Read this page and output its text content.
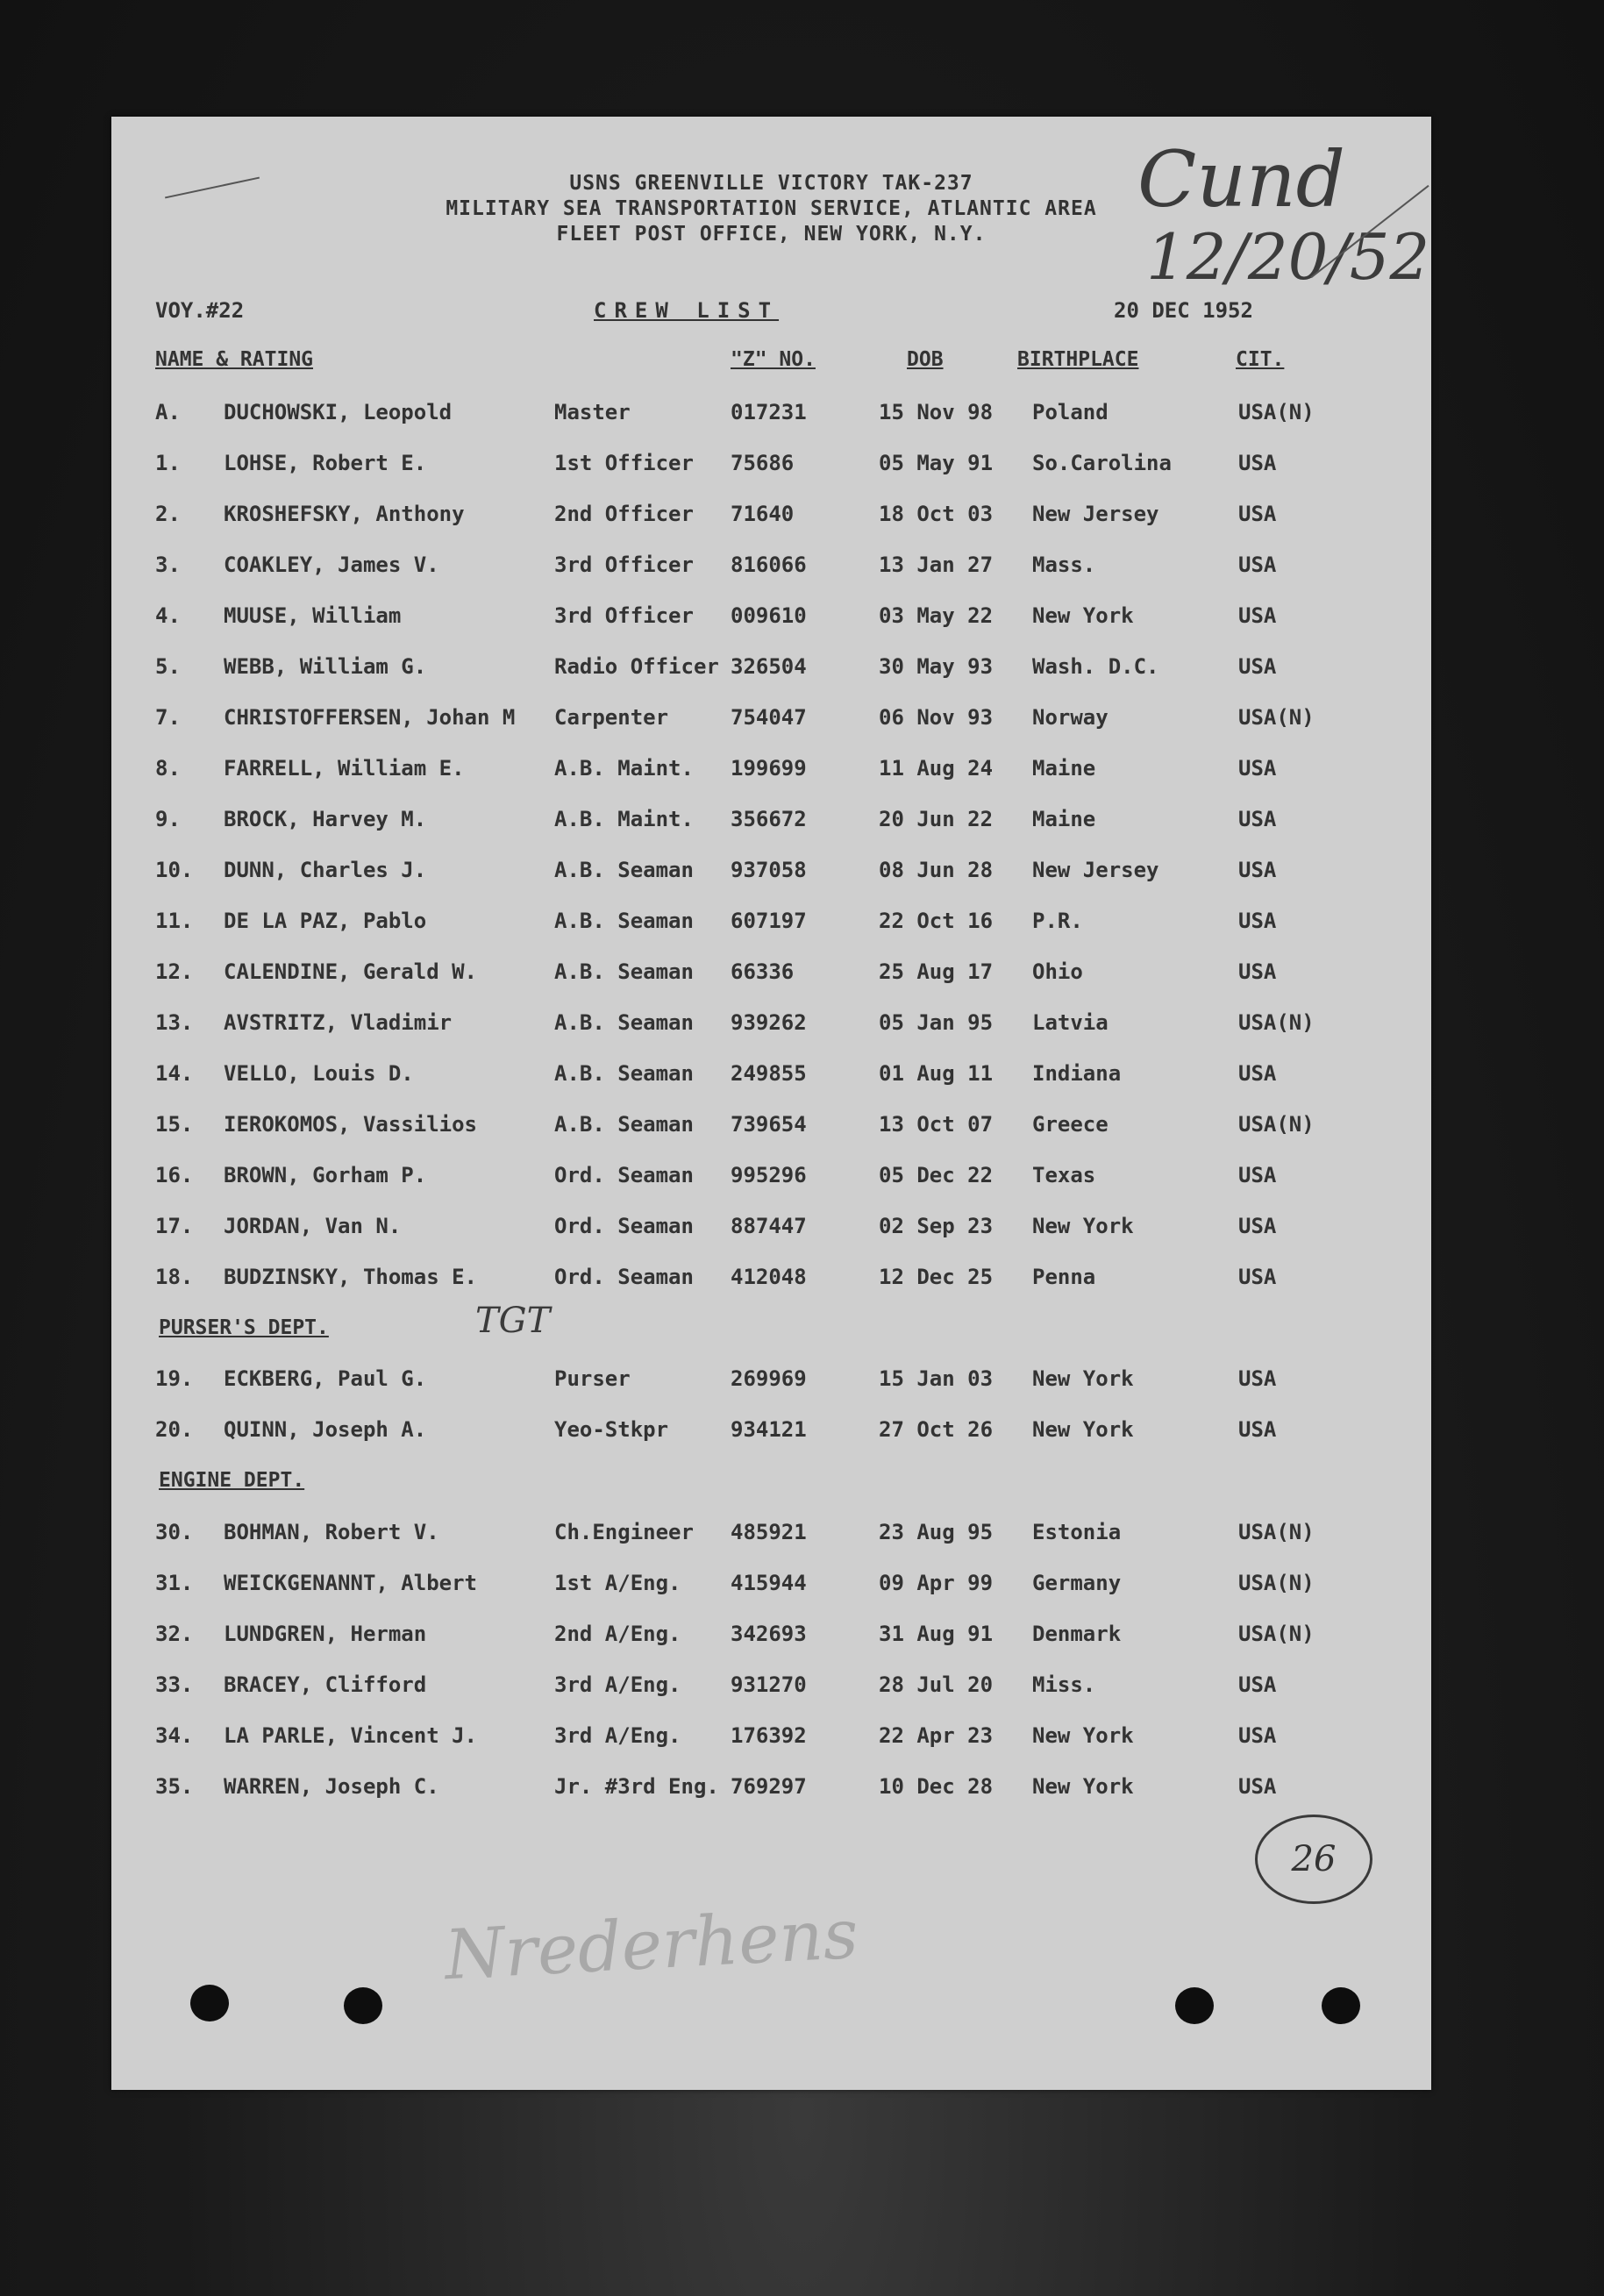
USNS GREENVILLE VICTORY TAK-237
MILITARY SEA TRANSPORTATION SERVICE, ATLANTIC AREA
FLEET POST OFFICE, NEW YORK, N.Y.
Cund
12/20/52
VOY.#22	CREW LIST	20 DEC 1952
NAME & RATING	"Z" NO.	DOB	BIRTHPLACE	CIT.
A. DUCHOWSKI, Leopold	Master	017231	15 Nov 98 Poland	USA(N)
1. LOHSE, Robert E.	1st Officer 75686	05 May 91 So.Carolina	USA
2. KROSHEFSKY, Anthony	2nd Officer 71640	18 Oct 03 New Jersey	USA
3. COAKLEY, James V.	3rd Officer 816066	13 Jan 27 Mass.	USA
4. MUUSE, William	3rd Officer 009610	03 May 22 New York	USA
5. WEBB, William G.	Radio Officer 326504	30 May 93 Wash. D.C.	USA
7. CHRISTOFFERSEN, Johan M Carpenter	754047	06 Nov 93 Norway	USA(N)
8. FARRELL, William E.	A.B. Maint. 199699	11 Aug 24 Maine	USA
9. BROCK, Harvey M.	A.B. Maint. 356672	20 Jun 22 Maine	USA
10. DUNN, Charles J.	A.B. Seaman 937058	08 Jun 28 New Jersey	USA
11. DE LA PAZ, Pablo	A.B. Seaman 607197	22 Oct 16 P.R.	USA
12. CALENDINE, Gerald W.	A.B. Seaman 66336	25 Aug 17 Ohio	USA
13. AVSTRITZ, Vladimir	A.B. Seaman 939262	05 Jan 95 Latvia	USA(N)
14. VELLO, Louis D.	A.B. Seaman 249855	01 Aug 11 Indiana	USA
15. IEROKOMOS, Vassilios	A.B. Seaman 739654	13 Oct 07 Greece	USA(N)
16. BROWN, Gorham P.	Ord. Seaman 995296	05 Dec 22 Texas	USA
17. JORDAN, Van N.	Ord. Seaman 887447	02 Sep 23 New York	USA
18. BUDZINSKY, Thomas E.	Ord. Seaman 412048	12 Dec 25 Penna	USA
PURSER'S DEPT.	TGT
19. ECKBERG, Paul G.	Purser	269969	15 Jan 03 New York	USA
20. QUINN, Joseph A.	Yeo-Stkpr	934121	27 Oct 26 New York	USA
ENGINE DEPT.
30. BOHMAN, Robert V.	Ch.Engineer 485921	23 Aug 95 Estonia	USA(N)
31. WEICKGENANNT, Albert	1st A/Eng. 415944	09 Apr 99 Germany	USA(N)
32. LUNDGREN, Herman	2nd A/Eng. 342693	31 Aug 91 Denmark	USA(N)
33. BRACEY, Clifford	3rd A/Eng. 931270	28 Jul 20 Miss.	USA
34. LA PARLE, Vincent J.	3rd A/Eng. 176392	22 Apr 23 New York	USA
35. WARREN, Joseph C.	Jr. #3rd Eng. 769297	10 Dec 28 New York	USA
26
Nrederhens
